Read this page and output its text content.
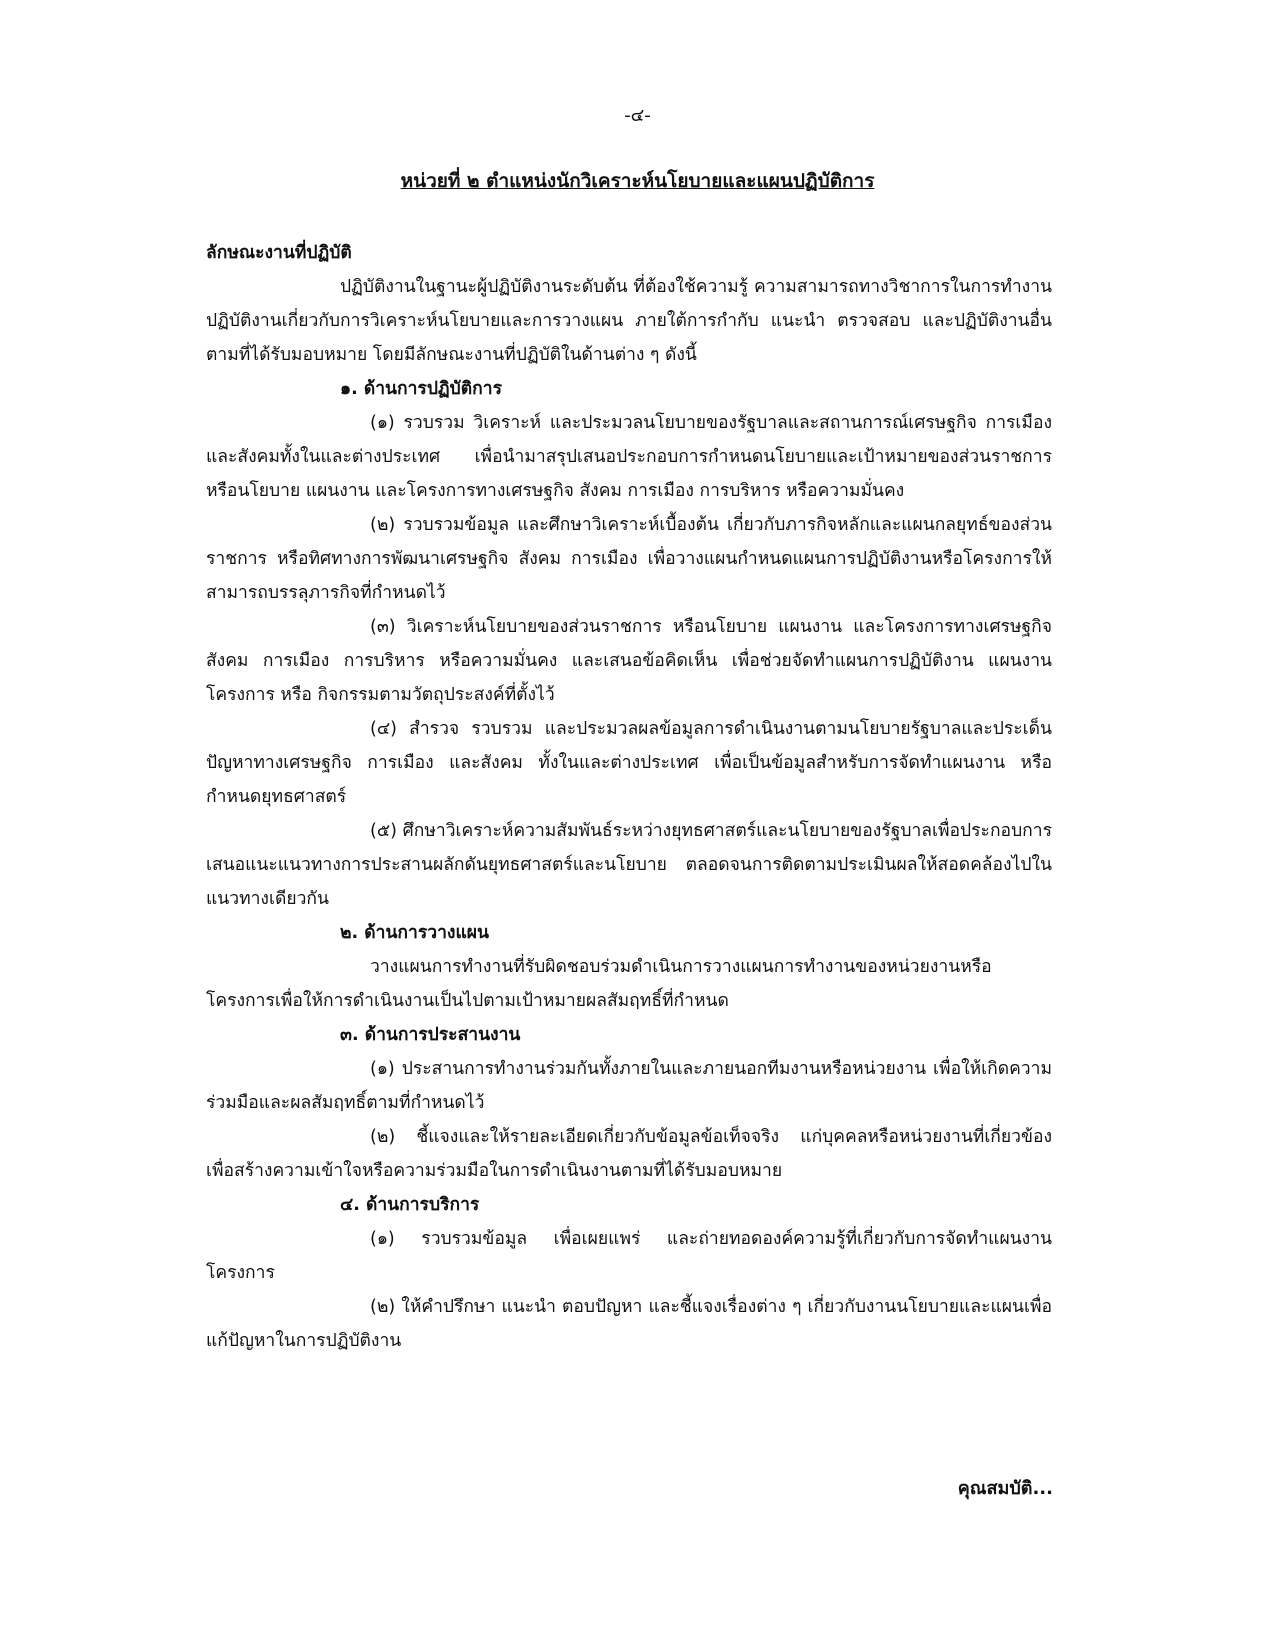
-๔-
หน่วยที่ ๒ ตำแหน่งนักวิเคราะห์นโยบายและแผนปฏิบัติการ

ลักษณะงานที่ปฏิบัติ

ปฏิบัติงานในฐานะผู้ปฏิบัติงานระดับต้น ที่ต้องใช้ความรู้ ความสามารถทางวิชาการในการทำงาน ปฏิบัติงานเกี่ยวกับการวิเคราะห์นโยบายและการวางแผน ภายใต้การกำกับ แนะนำ ตรวจสอบ และปฏิบัติงานอื่นตามที่ได้รับมอบหมาย โดยมีลักษณะงานที่ปฏิบัติในด้านต่าง ๆ ดังนี้

๑. ด้านการปฏิบัติการ

(๑) รวบรวม วิเคราะห์ และประมวลนโยบายของรัฐบาลและสถานการณ์เศรษฐกิจ การเมือง และสังคมทั้งในและต่างประเทศ เพื่อนำมาสรุปเสนอประกอบการกำหนดนโยบายและเป้าหมายของส่วนราชการ หรือนโยบาย แผนงาน และโครงการทางเศรษฐกิจ สังคม การเมือง การบริหาร หรือความมั่นคง

(๒) รวบรวมข้อมูล และศึกษาวิเคราะห์เบื้องต้น เกี่ยวกับภารกิจหลักและแผนกลยุทธ์ของส่วนราชการ หรือทิศทางการพัฒนาเศรษฐกิจ สังคม การเมือง เพื่อวางแผนกำหนดแผนการปฏิบัติงานหรือโครงการให้สามารถบรรลุภารกิจที่กำหนดไว้

(๓) วิเคราะห์นโยบายของส่วนราชการ หรือนโยบาย แผนงาน และโครงการทางเศรษฐกิจ สังคม การเมือง การบริหาร หรือความมั่นคง และเสนอข้อคิดเห็น เพื่อช่วยจัดทำแผนการปฏิบัติงาน แผนงาน โครงการ หรือ กิจกรรมตามวัตถุประสงค์ที่ตั้งไว้

(๔) สำรวจ รวบรวม และประมวลผลข้อมูลการดำเนินงานตามนโยบายรัฐบาลและประเด็นปัญหาทางเศรษฐกิจ การเมือง และสังคม ทั้งในและต่างประเทศ เพื่อเป็นข้อมูลสำหรับการจัดทำแผนงาน หรือกำหนดยุทธศาสตร์

(๕) ศึกษาวิเคราะห์ความสัมพันธ์ระหว่างยุทธศาสตร์และนโยบายของรัฐบาลเพื่อประกอบการเสนอแนะแนวทางการประสานผลักดันยุทธศาสตร์และนโยบาย ตลอดจนการติดตามประเมินผลให้สอดคล้องไปในแนวทางเดียวกัน

๒. ด้านการวางแผน

วางแผนการทำงานที่รับผิดชอบร่วมดำเนินการวางแผนการทำงานของหน่วยงานหรือโครงการเพื่อให้การดำเนินงานเป็นไปตามเป้าหมายผลสัมฤทธิ์ที่กำหนด

๓. ด้านการประสานงาน

(๑) ประสานการทำงานร่วมกันทั้งภายในและภายนอกทีมงานหรือหน่วยงาน เพื่อให้เกิดความร่วมมือและผลสัมฤทธิ์ตามที่กำหนดไว้

(๒) ชี้แจงและให้รายละเอียดเกี่ยวกับข้อมูลข้อเท็จจริง แก่บุคคลหรือหน่วยงานที่เกี่ยวข้อง เพื่อสร้างความเข้าใจหรือความร่วมมือในการดำเนินงานตามที่ได้รับมอบหมาย

๔. ด้านการบริการ

(๑) รวบรวมข้อมูล เพื่อเผยแพร่ และถ่ายทอดองค์ความรู้ที่เกี่ยวกับการจัดทำแผนงานโครงการ

(๒) ให้คำปรึกษา แนะนำ ตอบปัญหา และชี้แจงเรื่องต่าง ๆ เกี่ยวกับงานนโยบายและแผนเพื่อแก้ปัญหาในการปฏิบัติงาน

คุณสมบัติ...
